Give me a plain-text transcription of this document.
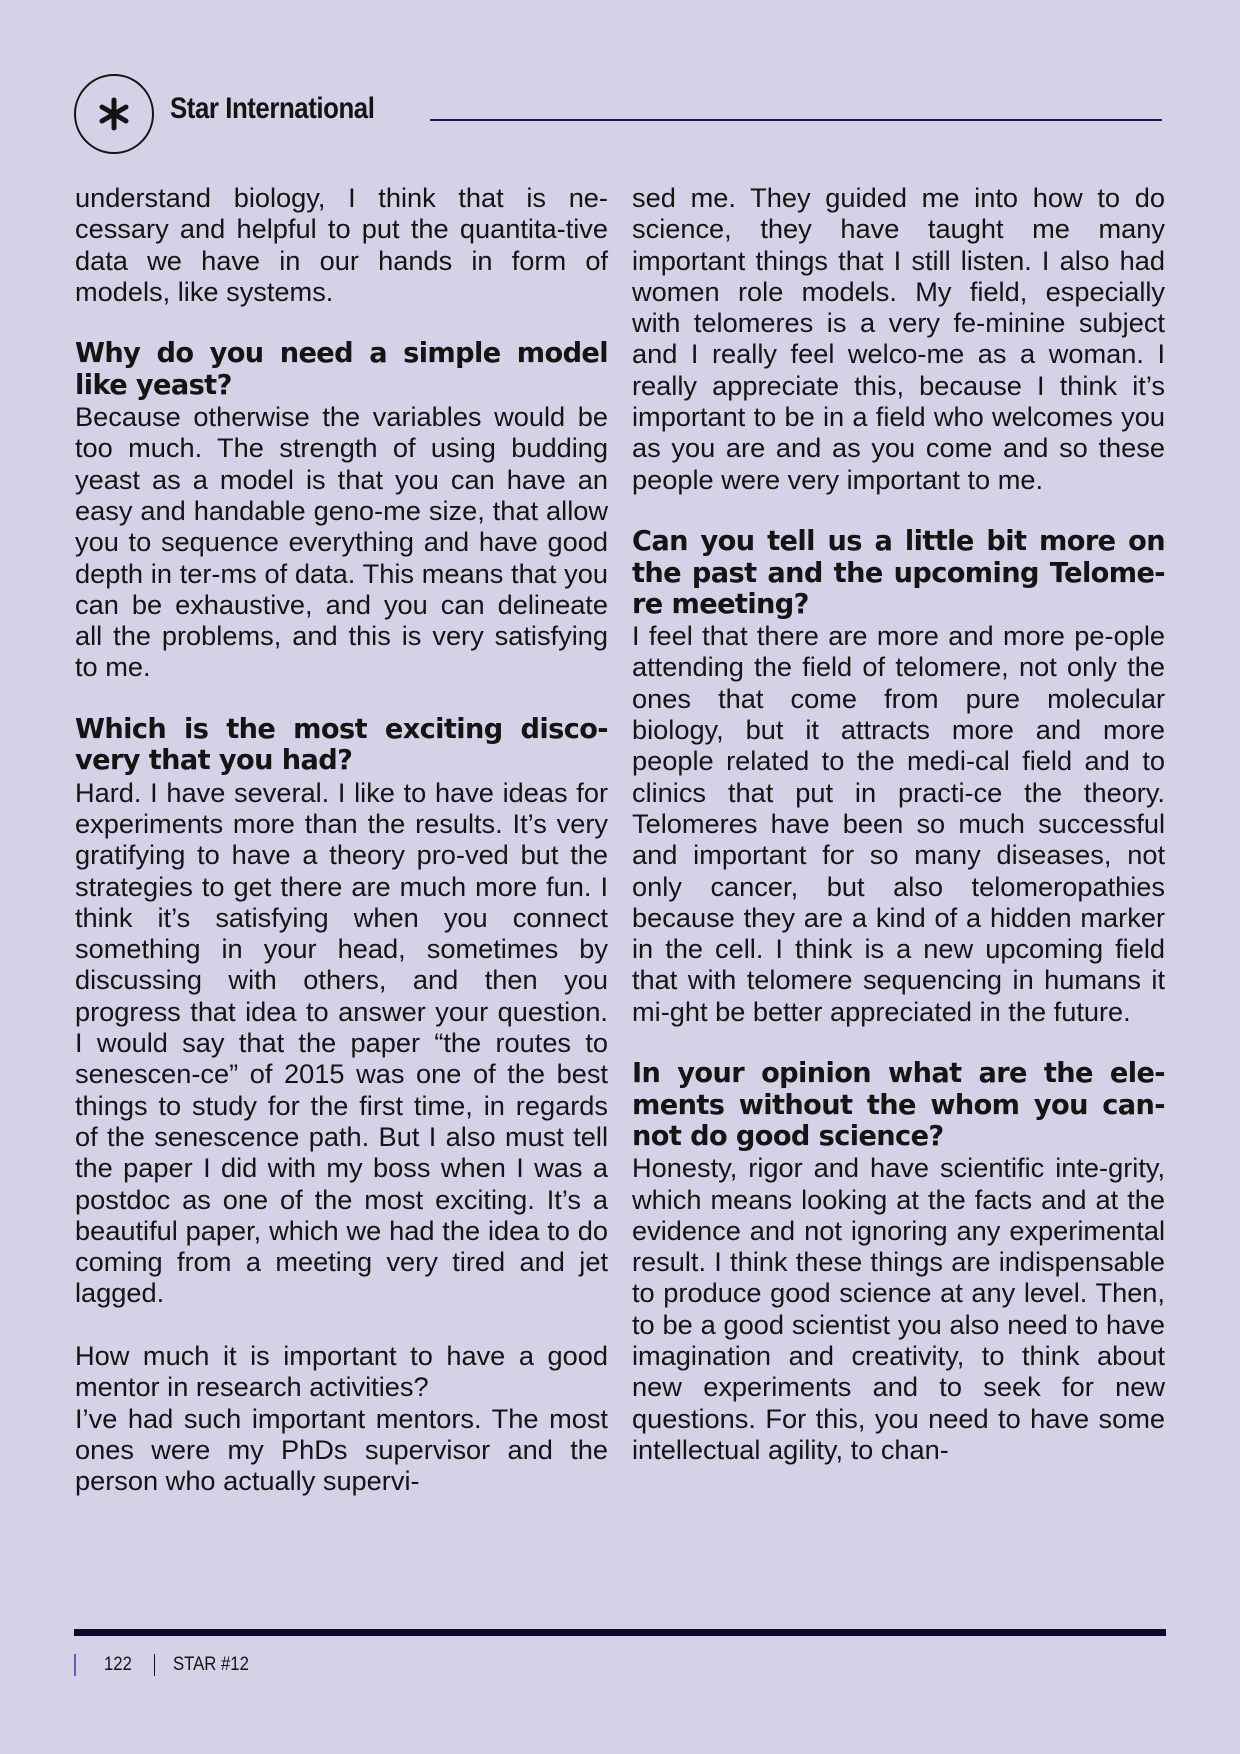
Star International

understand biology, I think that is ne-cessary and helpful to put the quantita-tive data we have in our hands in form of models, like systems.

Why do you need a simple model like yeast?

Because otherwise the variables would be too much. The strength of using budding yeast as a model is that you can have an easy and handable geno-me size, that allow you to sequence everything and have good depth in ter-ms of data. This means that you can be exhaustive, and you can delineate all the problems, and this is very satisfying to me.

Which is the most exciting disco-very that you had?

Hard. I have several. I like to have ideas for experiments more than the results. It’s very gratifying to have a theory pro-ved but the strategies to get there are much more fun. I think it’s satisfying when you connect something in your head, sometimes by discussing with others, and then you progress that idea to answer your question. I would say that the paper “the routes to senescen-ce” of 2015 was one of the best things to study for the first time, in regards of the senescence path. But I also must tell the paper I did with my boss when I was a postdoc as one of the most exciting. It’s a beautiful paper, which we had the idea to do coming from a meeting very tired and jet lagged.

How much it is important to have a good mentor in research activities?

I’ve had such important mentors. The most ones were my PhDs supervisor and the person who actually supervi-

sed me. They guided me into how to do science, they have taught me many important things that I still listen. I also had women role models. My field, especially with telomeres is a very fe-minine subject and I really feel welco-me as a woman. I really appreciate this, because I think it’s important to be in a field who welcomes you as you are and as you come and so these people were very important to me.

Can you tell us a little bit more on the past and the upcoming Telome-re meeting?

I feel that there are more and more pe-ople attending the field of telomere, not only the ones that come from pure molecular biology, but it attracts more and more people related to the medi-cal field and to clinics that put in practi-ce the theory. Telomeres have been so much successful and important for so many diseases, not only cancer, but also telomeropathies because they are a kind of a hidden marker in the cell. I think is a new upcoming field that with telomere sequencing in humans it mi-ght be better appreciated in the future.

In your opinion what are the ele-ments without the whom you can-not do good science?

Honesty, rigor and have scientific inte-grity, which means looking at the facts and at the evidence and not ignoring any experimental result. I think these things are indispensable to produce good science at any level. Then, to be a good scientist you also need to have imagination and creativity, to think about new experiments and to seek for new questions. For this, you need to have some intellectual agility, to chan-

122 STAR #12
